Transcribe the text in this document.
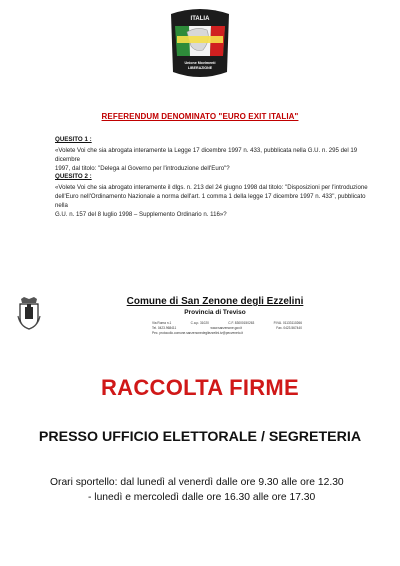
ITALIA
Unione Movimenti
LIBERAZIONE
REFERENDUM DENOMINATO "EURO EXIT ITALIA"
QUESITO 1 :
«Volete Voi che sia abrogata interamente la Legge 17 dicembre 1997 n. 433, pubblicata nella G.U. n. 295 del 19 dicembre
1997, dal titolo: "Delega al Governo per l'introduzione dell'Euro"?
QUESITO 2 :
«Volete Voi che sia abrogato interamente il dlgs. n. 213 del 24 giugno 1998 dal titolo: "Disposizioni per l'introduzione
dell'Euro nell'Ordinamento Nazionale a norma dell'art. 1 comma 1 della legge 17 dicembre 1997 n. 433", pubblicato nella
G.U. n. 157 del 8 luglio 1998 – Supplemento Ordinario n. 116»?
Comune di San Zenone degli Ezzelini
Provincia di Treviso
Via Roma n.1	C.a.p. 31020	C.F. 83000150263	P.IVA. 01133110266
Tel. 0423.968411	www.sanzenone.gov.it	Fax. 0423.567440
Pec. protocollo.comune.sanzenonedegliezzelini.tv@pecveneto.it
RACCOLTA FIRME
PRESSO UFFICIO ELETTORALE / SEGRETERIA
Orari sportello: dal lunedì al venerdì dalle ore 9.30 alle ore 12.30
- lunedì e mercoledì dalle ore 16.30 alle ore 17.30
